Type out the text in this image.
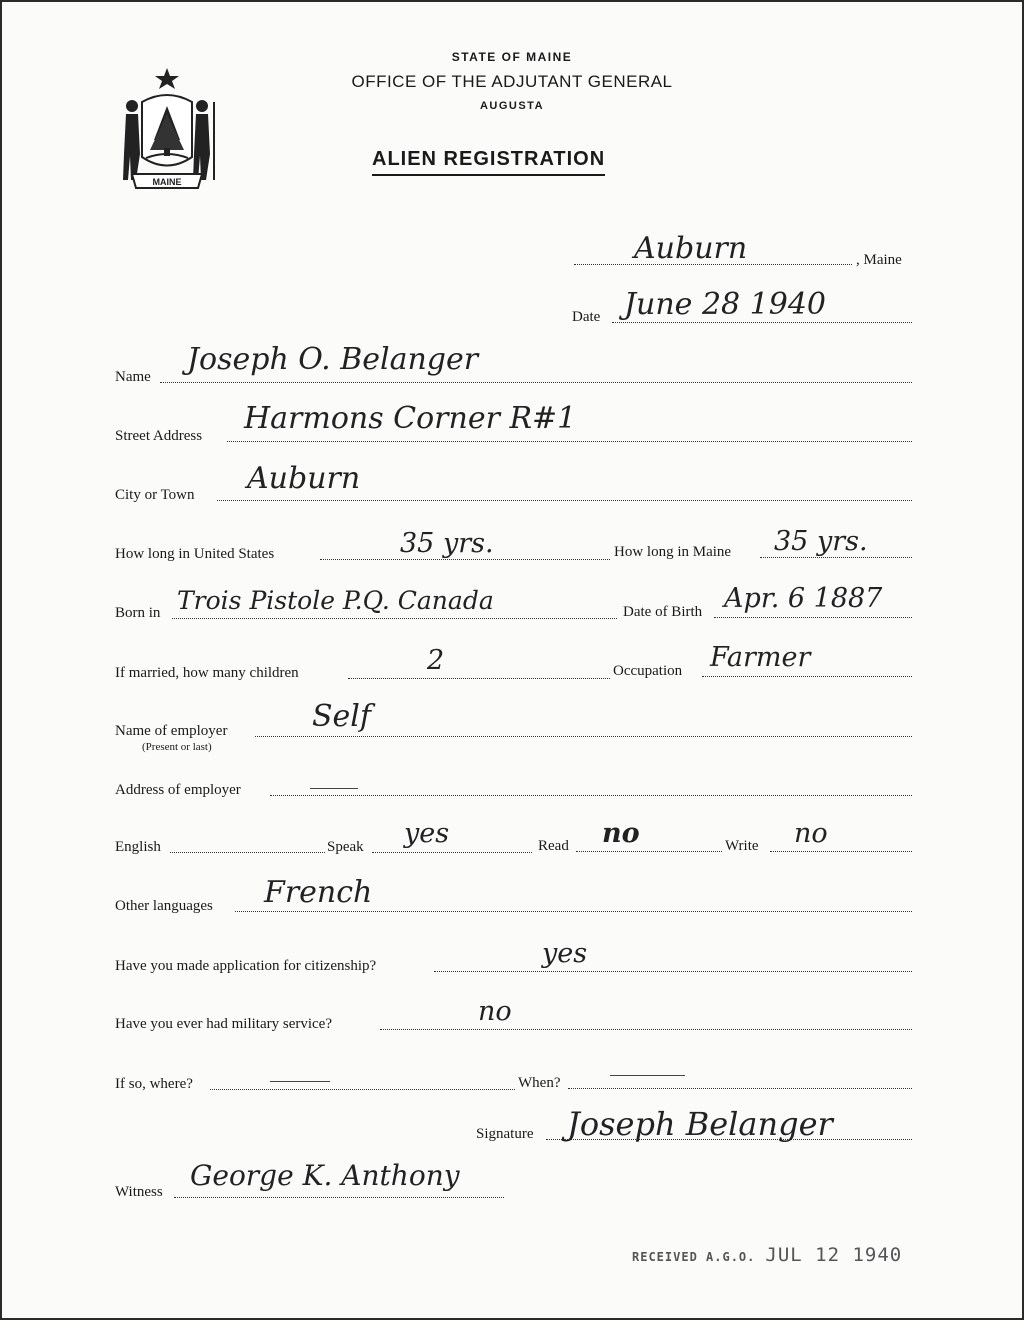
MAINE
STATE OF MAINE
OFFICE OF THE ADJUTANT GENERAL
AUGUSTA
ALIEN REGISTRATION
Auburn	, Maine
Date June 28 1940
Name Joseph O. Belanger
Street Address Harmons Corner R#1
City or Town Auburn
How long in United States	35 yrs.	How long in Maine 35 yrs.
Born in Trois Pistole P.Q. Canada	Date of Birth Apr. 6 1887
If married, how many children	2	Occupation Farmer
Name of employer
(Present or last)
Self
Address of employer
English	Speak yes	Read no	Write no
Other languages French
Have you made application for citizenship?	yes
Have you ever had military service?	no
If so, where?	When?
Signature Joseph Belanger
Witness George K. Anthony
RECEIVED A.G.O. JUL 12 1940
